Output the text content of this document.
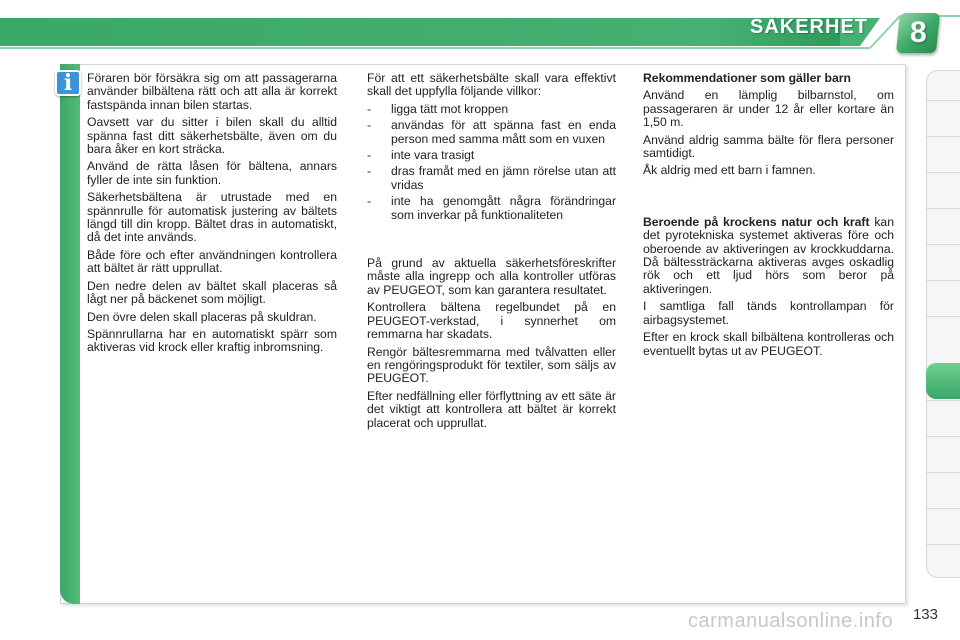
SÄKERHET 8
i	Föraren bör försäkra sig om att passagerarna använder bilbältena rätt och att alla är korrekt fastspända innan bilen startas.

Oavsett var du sitter i bilen skall du alltid spänna fast ditt säkerhetsbälte, även om du bara åker en kort sträcka.

Använd de rätta låsen för bältena, annars fyller de inte sin funktion.

Säkerhetsbältena är utrustade med en spännrulle för automatisk justering av bältets längd till din kropp. Bältet dras in automatiskt, då det inte används.

Både före och efter användningen kontrollera att bältet är rätt upprullat.

Den nedre delen av bältet skall placeras så lågt ner på bäckenet som möjligt.

Den övre delen skall placeras på skuldran.

Spännrullarna har en automatiskt spärr som aktiveras vid krock eller kraftig inbromsning.

För att ett säkerhetsbälte skall vara effektivt skall det uppfylla följande villkor:

- ligga tätt mot kroppen
- användas för att spänna fast en enda person med samma mått som en vuxen
- inte vara trasigt
- dras framåt med en jämn rörelse utan att vridas
- inte ha genomgått några förändringar som inverkar på funktionaliteten

På grund av aktuella säkerhetsföreskrifter måste alla ingrepp och alla kontroller utföras av PEUGEOT, som kan garantera resultatet.

Kontrollera bältena regelbundet på en PEUGEOT-verkstad, i synnerhet om remmarna har skadats.

Rengör bältesremmarna med tvålvatten eller en rengöringsprodukt för textiler, som säljs av PEUGEOT.

Efter nedfällning eller förflyttning av ett säte är det viktigt att kontrollera att bältet är korrekt placerat och upprullat.

Rekommendationer som gäller barn

Använd en lämplig bilbarnstol, om passageraren är under 12 år eller kortare än 1,50 m.

Använd aldrig samma bälte för flera personer samtidigt.

Åk aldrig med ett barn i famnen.

Beroende på krockens natur och kraft kan det pyrotekniska systemet aktiveras före och oberoende av aktiveringen av krockkuddarna. Då bältessträckarna aktiveras avges oskadlig rök och ett ljud hörs som beror på aktiveringen.

I samtliga fall tänds kontrollampan för airbagsystemet.

Efter en krock skall bilbältena kontrolleras och eventuellt bytas ut av PEUGEOT.

133
carmanualsonline.info
